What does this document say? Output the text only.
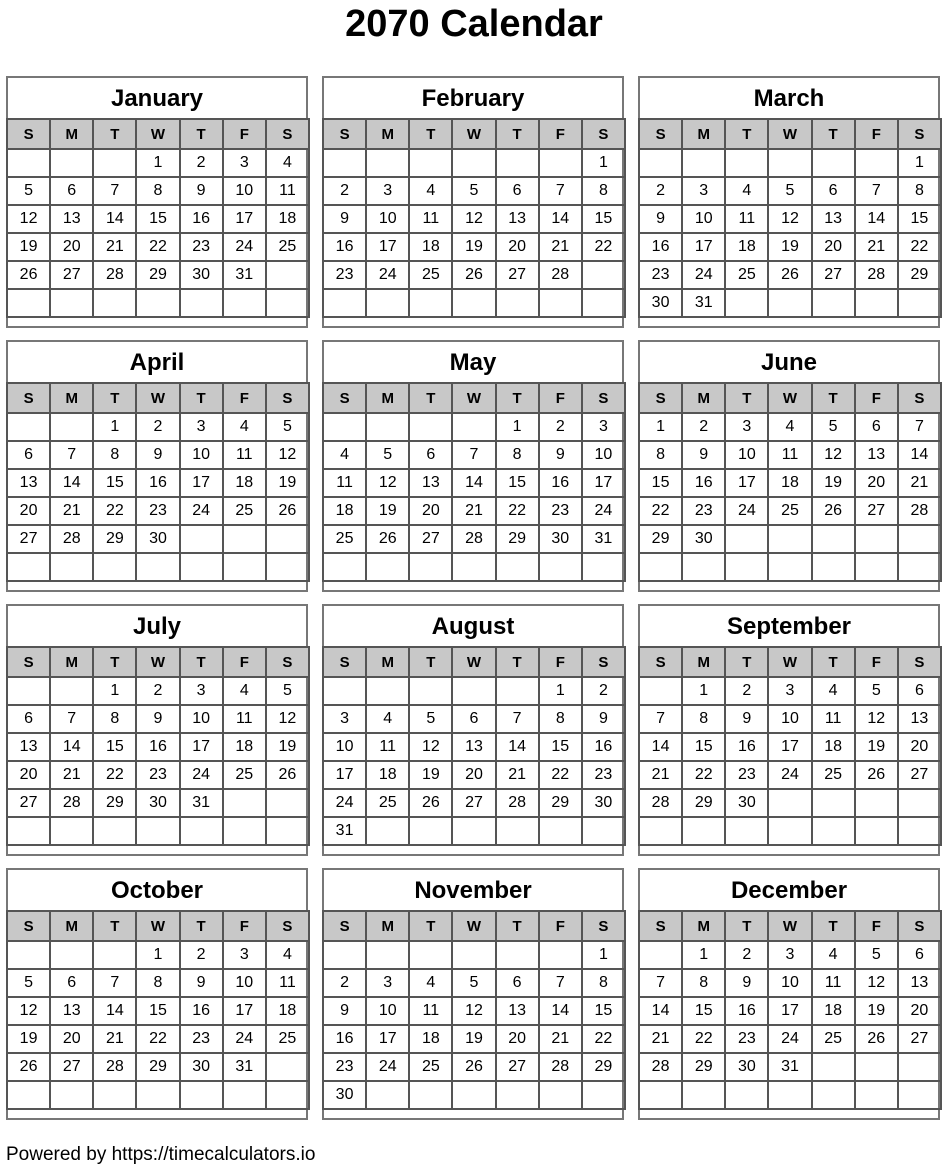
2070 Calendar
January
S	M	T	W	T	F	S
			1	2	3	4
5	6	7	8	9	10	11
12	13	14	15	16	17	18
19	20	21	22	23	24	25
26	27	28	29	30	31	

February
S	M	T	W	T	F	S
						1
2	3	4	5	6	7	8
9	10	11	12	13	14	15
16	17	18	19	20	21	22
23	24	25	26	27	28	

March
S	M	T	W	T	F	S
						1
2	3	4	5	6	7	8
9	10	11	12	13	14	15
16	17	18	19	20	21	22
23	24	25	26	27	28	29
30	31					
April
S	M	T	W	T	F	S
		1	2	3	4	5
6	7	8	9	10	11	12
13	14	15	16	17	18	19
20	21	22	23	24	25	26
27	28	29	30			

May
S	M	T	W	T	F	S
				1	2	3
4	5	6	7	8	9	10
11	12	13	14	15	16	17
18	19	20	21	22	23	24
25	26	27	28	29	30	31

June
S	M	T	W	T	F	S
1	2	3	4	5	6	7
8	9	10	11	12	13	14
15	16	17	18	19	20	21
22	23	24	25	26	27	28
29	30					

July
S	M	T	W	T	F	S
		1	2	3	4	5
6	7	8	9	10	11	12
13	14	15	16	17	18	19
20	21	22	23	24	25	26
27	28	29	30	31		

August
S	M	T	W	T	F	S
					1	2
3	4	5	6	7	8	9
10	11	12	13	14	15	16
17	18	19	20	21	22	23
24	25	26	27	28	29	30
31						
September
S	M	T	W	T	F	S
	1	2	3	4	5	6
7	8	9	10	11	12	13
14	15	16	17	18	19	20
21	22	23	24	25	26	27
28	29	30				

October
S	M	T	W	T	F	S
			1	2	3	4
5	6	7	8	9	10	11
12	13	14	15	16	17	18
19	20	21	22	23	24	25
26	27	28	29	30	31	

November
S	M	T	W	T	F	S
						1
2	3	4	5	6	7	8
9	10	11	12	13	14	15
16	17	18	19	20	21	22
23	24	25	26	27	28	29
30						
December
S	M	T	W	T	F	S
	1	2	3	4	5	6
7	8	9	10	11	12	13
14	15	16	17	18	19	20
21	22	23	24	25	26	27
28	29	30	31			

Powered by https://timecalculators.io
